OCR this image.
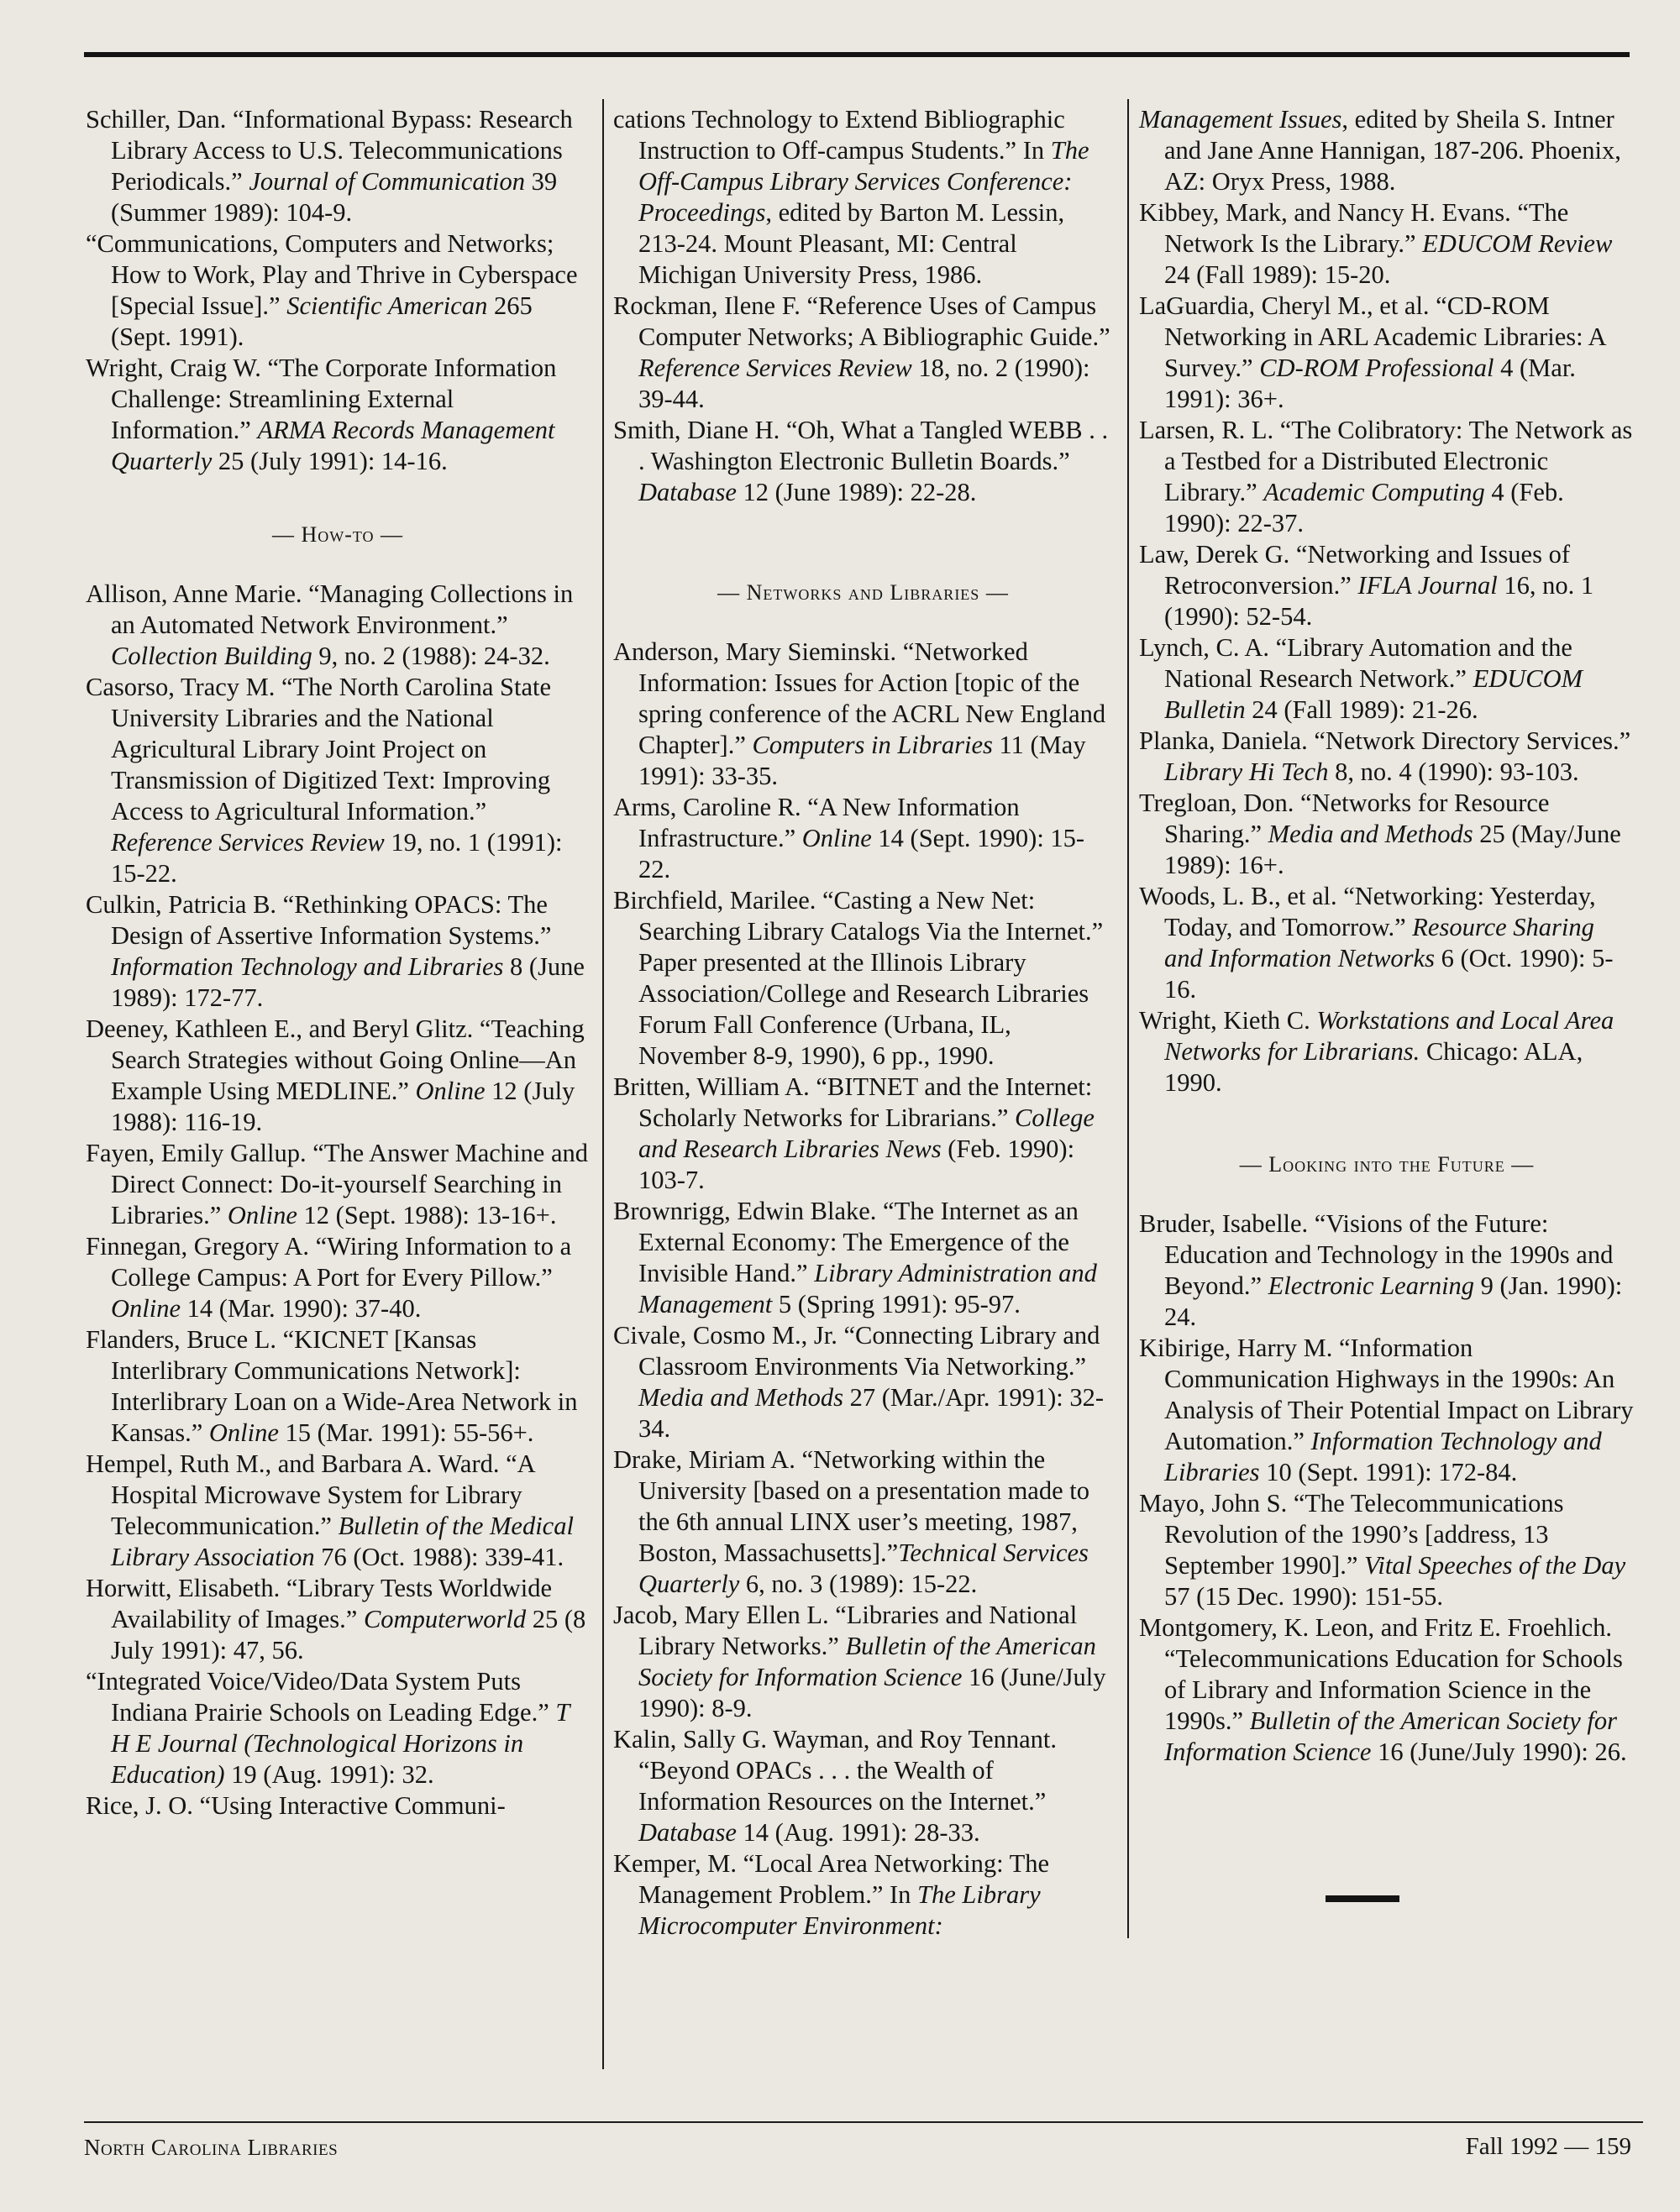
Schiller, Dan. “Informational Bypass: Research Library Access to U.S. Telecommunications Periodicals.” Journal of Communication 39 (Summer 1989): 104-9.

“Communications, Computers and Networks; How to Work, Play and Thrive in Cyberspace [Special Issue].” Scientific American 265 (Sept. 1991).

Wright, Craig W. “The Corporate Information Challenge: Streamlining External Information.” ARMA Records Management Quarterly 25 (July 1991): 14-16.

— How-to —

Allison, Anne Marie. “Managing Collections in an Automated Network Environment.” Collection Building 9, no. 2 (1988): 24-32.

Casorso, Tracy M. “The North Carolina State University Libraries and the National Agricultural Library Joint Project on Transmission of Digitized Text: Improving Access to Agricultural Information.” Reference Services Review 19, no. 1 (1991): 15-22.

Culkin, Patricia B. “Rethinking OPACS: The Design of Assertive Information Systems.” Information Technology and Libraries 8 (June 1989): 172-77.

Deeney, Kathleen E., and Beryl Glitz. “Teaching Search Strategies without Going Online—An Example Using MEDLINE.” Online 12 (July 1988): 116-19.

Fayen, Emily Gallup. “The Answer Machine and Direct Connect: Do-it-yourself Searching in Libraries.” Online 12 (Sept. 1988): 13-16+.

Finnegan, Gregory A. “Wiring Information to a College Campus: A Port for Every Pillow.” Online 14 (Mar. 1990): 37-40.

Flanders, Bruce L. “KICNET [Kansas Interlibrary Communications Network]: Interlibrary Loan on a Wide-Area Network in Kansas.” Online 15 (Mar. 1991): 55-56+.

Hempel, Ruth M., and Barbara A. Ward. “A Hospital Microwave System for Library Telecommunication.” Bulletin of the Medical Library Association 76 (Oct. 1988): 339-41.

Horwitt, Elisabeth. “Library Tests Worldwide Availability of Images.” Computerworld 25 (8 July 1991): 47, 56.

“Integrated Voice/Video/Data System Puts Indiana Prairie Schools on Leading Edge.” T H E Journal (Technological Horizons in Education) 19 (Aug. 1991): 32.

Rice, J. O. “Using Interactive Communi-

cations Technology to Extend Bibliographic Instruction to Off-campus Students.” In The Off-Campus Library Services Conference: Proceedings, edited by Barton M. Lessin, 213-24. Mount Pleasant, MI: Central Michigan University Press, 1986.

Rockman, Ilene F. “Reference Uses of Campus Computer Networks; A Bibliographic Guide.” Reference Services Review 18, no. 2 (1990): 39-44.

Smith, Diane H. “Oh, What a Tangled WEBB . . . Washington Electronic Bulletin Boards.” Database 12 (June 1989): 22-28.

— Networks and Libraries —

Anderson, Mary Sieminski. “Networked Information: Issues for Action [topic of the spring conference of the ACRL New England Chapter].” Computers in Libraries 11 (May 1991): 33-35.

Arms, Caroline R. “A New Information Infrastructure.” Online 14 (Sept. 1990): 15-22.

Birchfield, Marilee. “Casting a New Net: Searching Library Catalogs Via the Internet.” Paper presented at the Illinois Library Association/College and Research Libraries Forum Fall Conference (Urbana, IL, November 8-9, 1990), 6 pp., 1990.

Britten, William A. “BITNET and the Internet: Scholarly Networks for Librarians.” College and Research Libraries News (Feb. 1990): 103-7.

Brownrigg, Edwin Blake. “The Internet as an External Economy: The Emergence of the Invisible Hand.” Library Administration and Management 5 (Spring 1991): 95-97.

Civale, Cosmo M., Jr. “Connecting Library and Classroom Environments Via Networking.” Media and Methods 27 (Mar./Apr. 1991): 32-34.

Drake, Miriam A. “Networking within the University [based on a presentation made to the 6th annual LINX user’s meeting, 1987, Boston, Massachusetts].”Technical Services Quarterly 6, no. 3 (1989): 15-22.

Jacob, Mary Ellen L. “Libraries and National Library Networks.” Bulletin of the American Society for Information Science 16 (June/July 1990): 8-9.

Kalin, Sally G. Wayman, and Roy Tennant. “Beyond OPACs . . . the Wealth of Information Resources on the Internet.” Database 14 (Aug. 1991): 28-33.

Kemper, M. “Local Area Networking: The Management Problem.” In The Library Microcomputer Environment:

Management Issues, edited by Sheila S. Intner and Jane Anne Hannigan, 187-206. Phoenix, AZ: Oryx Press, 1988.

Kibbey, Mark, and Nancy H. Evans. “The Network Is the Library.” EDUCOM Review 24 (Fall 1989): 15-20.

LaGuardia, Cheryl M., et al. “CD-ROM Networking in ARL Academic Libraries: A Survey.” CD-ROM Professional 4 (Mar. 1991): 36+.

Larsen, R. L. “The Colibratory: The Network as a Testbed for a Distributed Electronic Library.” Academic Computing 4 (Feb. 1990): 22-37.

Law, Derek G. “Networking and Issues of Retroconversion.” IFLA Journal 16, no. 1 (1990): 52-54.

Lynch, C. A. “Library Automation and the National Research Network.” EDUCOM Bulletin 24 (Fall 1989): 21-26.

Planka, Daniela. “Network Directory Services.” Library Hi Tech 8, no. 4 (1990): 93-103.

Tregloan, Don. “Networks for Resource Sharing.” Media and Methods 25 (May/June 1989): 16+.

Woods, L. B., et al. “Networking: Yesterday, Today, and Tomorrow.” Resource Sharing and Information Networks 6 (Oct. 1990): 5-16.

Wright, Kieth C. Workstations and Local Area Networks for Librarians. Chicago: ALA, 1990.

— Looking into the Future —

Bruder, Isabelle. “Visions of the Future: Education and Technology in the 1990s and Beyond.” Electronic Learning 9 (Jan. 1990): 24.

Kibirige, Harry M. “Information Communication Highways in the 1990s: An Analysis of Their Potential Impact on Library Automation.” Information Technology and Libraries 10 (Sept. 1991): 172-84.

Mayo, John S. “The Telecommunications Revolution of the 1990’s [address, 13 September 1990].” Vital Speeches of the Day 57 (15 Dec. 1990): 151-55.

Montgomery, K. Leon, and Fritz E. Froehlich. “Telecommunications Education for Schools of Library and Information Science in the 1990s.” Bulletin of the American Society for Information Science 16 (June/July 1990): 26.

North Carolina Libraries	Fall 1992 — 159
